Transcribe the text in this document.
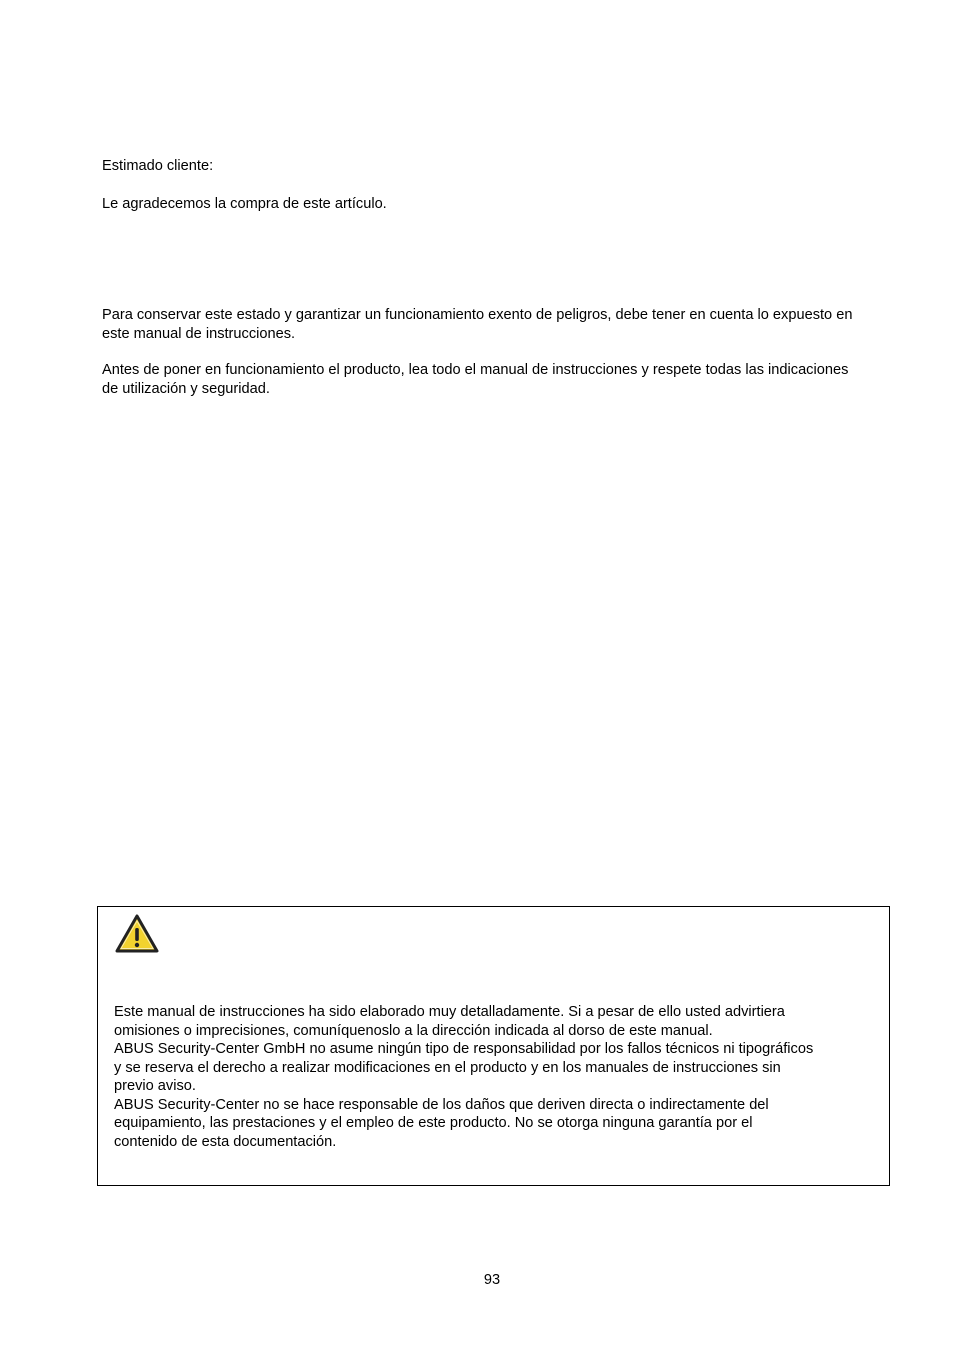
Estimado cliente:

Le agradecemos la compra de este artículo.

Para conservar este estado y garantizar un funcionamiento exento de peligros, debe tener en cuenta lo expuesto en este manual de instrucciones.

Antes de poner en funcionamiento el producto, lea todo el manual de instrucciones y respete todas las indicaciones de utilización y seguridad.

Este manual de instrucciones ha sido elaborado muy detalladamente. Si a pesar de ello usted advirtiera
omisiones o imprecisiones, comuníquenoslo a la dirección indicada al dorso de este manual.
ABUS Security-Center GmbH no asume ningún tipo de responsabilidad por los fallos técnicos ni tipográficos
y se reserva el derecho a realizar modificaciones en el producto y en los manuales de instrucciones sin
previo aviso.
ABUS Security-Center no se hace responsable de los daños que deriven directa o indirectamente del
equipamiento, las prestaciones y el empleo de este producto. No se otorga ninguna garantía por el
contenido de esta documentación.
93
